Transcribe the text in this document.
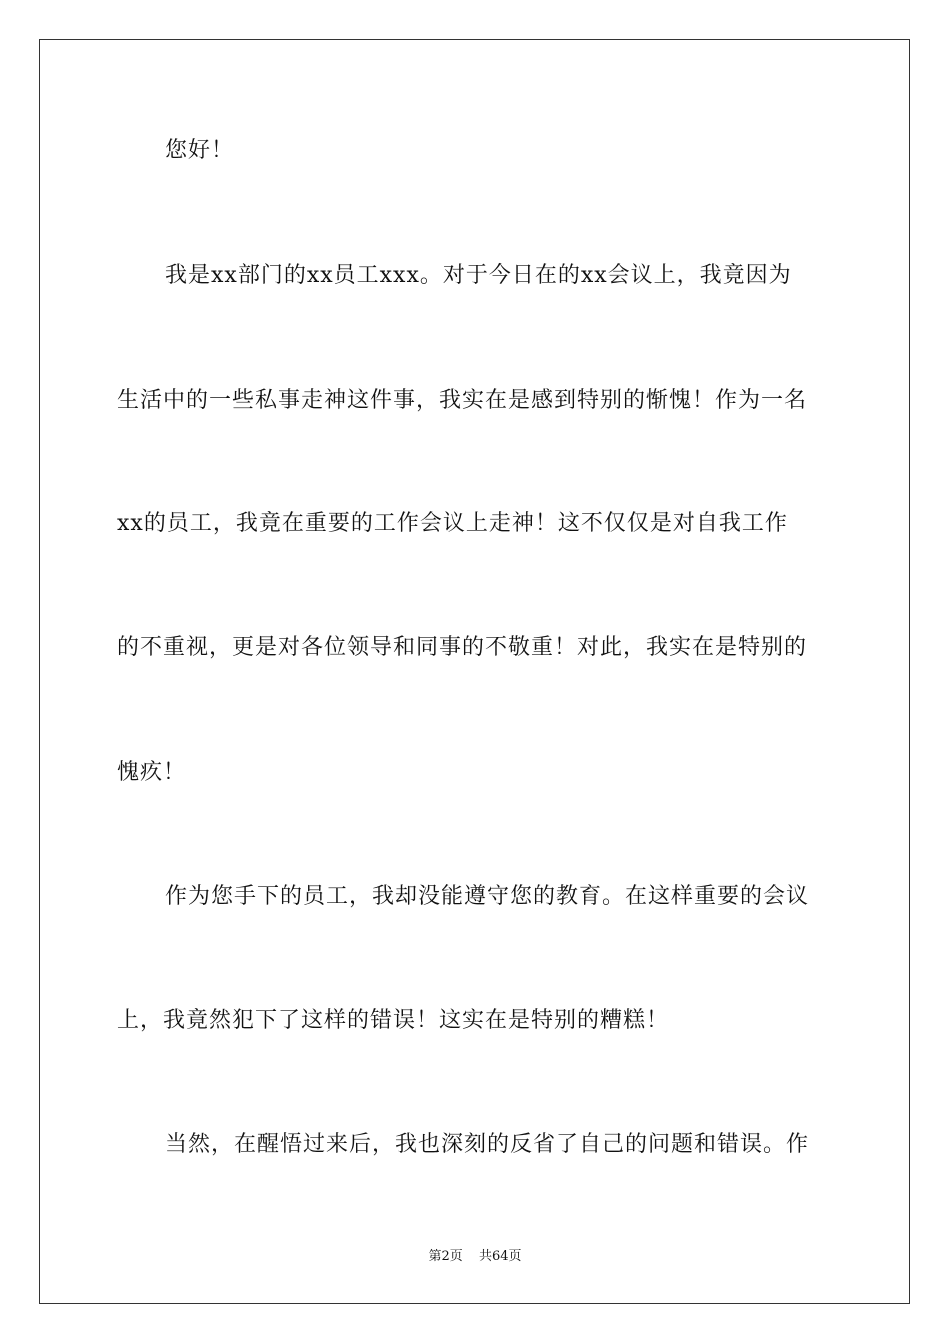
您好！
我是xx部门的xx员工xxx。对于今日在的xx会议上，我竟因为
生活中的一些私事走神这件事，我实在是感到特别的惭愧！作为一名
xx的员工，我竟在重要的工作会议上走神！这不仅仅是对自我工作
的不重视，更是对各位领导和同事的不敬重！对此，我实在是特别的
愧疚！
作为您手下的员工，我却没能遵守您的教育。在这样重要的会议
上，我竟然犯下了这样的错误！这实在是特别的糟糕！
当然，在醒悟过来后，我也深刻的反省了自己的问题和错误。作
第2页 共64页
